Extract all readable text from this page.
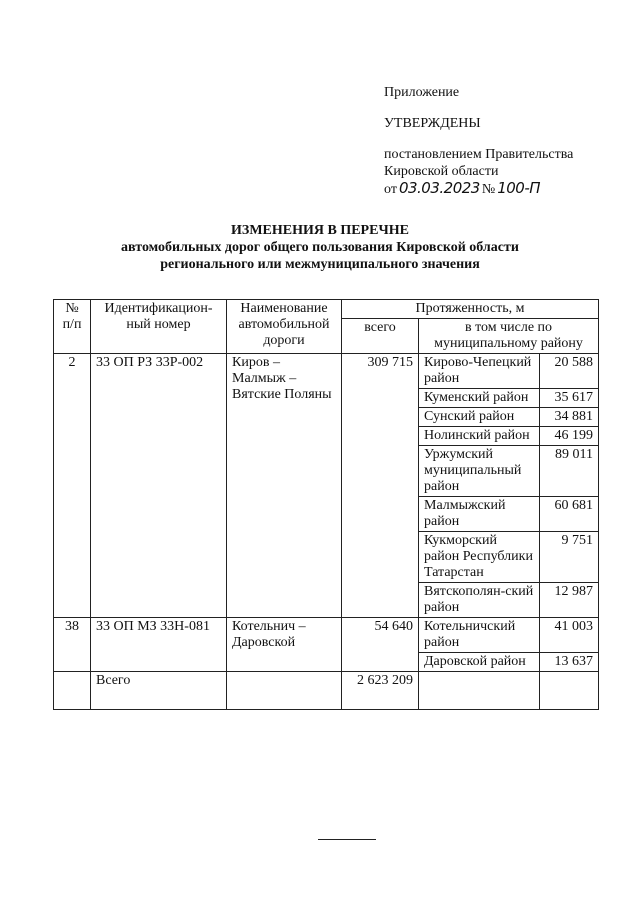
Приложение

УТВЕРЖДЕНЫ

постановлением Правительства

Кировской области

от 03.03.2023 № 100-П

ИЗМЕНЕНИЯ В ПЕРЕЧНЕ
автомобильных дорог общего пользования Кировской области
регионального или межмуниципального значения
№ п/п	Идентификацион-ный номер	Наименование автомобильной дороги	Протяженность, м		
			всего	в том числе по муниципальному району	
2	33 ОП РЗ 33Р-002	Киров – Малмыж – Вятские Поляны	309 715	Кирово-Чепецкий район	20 588
				Куменский район	35 617
				Сунский район	34 881
				Нолинский район	46 199
				Уржумский муниципальный район	89 011
				Малмыжский район	60 681
				Кукморский район Республики Татарстан	9 751
				Вятскополян-ский район	12 987
38	33 ОП МЗ 33Н-081	Котельнич – Даровской	54 640	Котельничский район	41 003
				Даровской район	13 637
	Всего		2 623 209		
